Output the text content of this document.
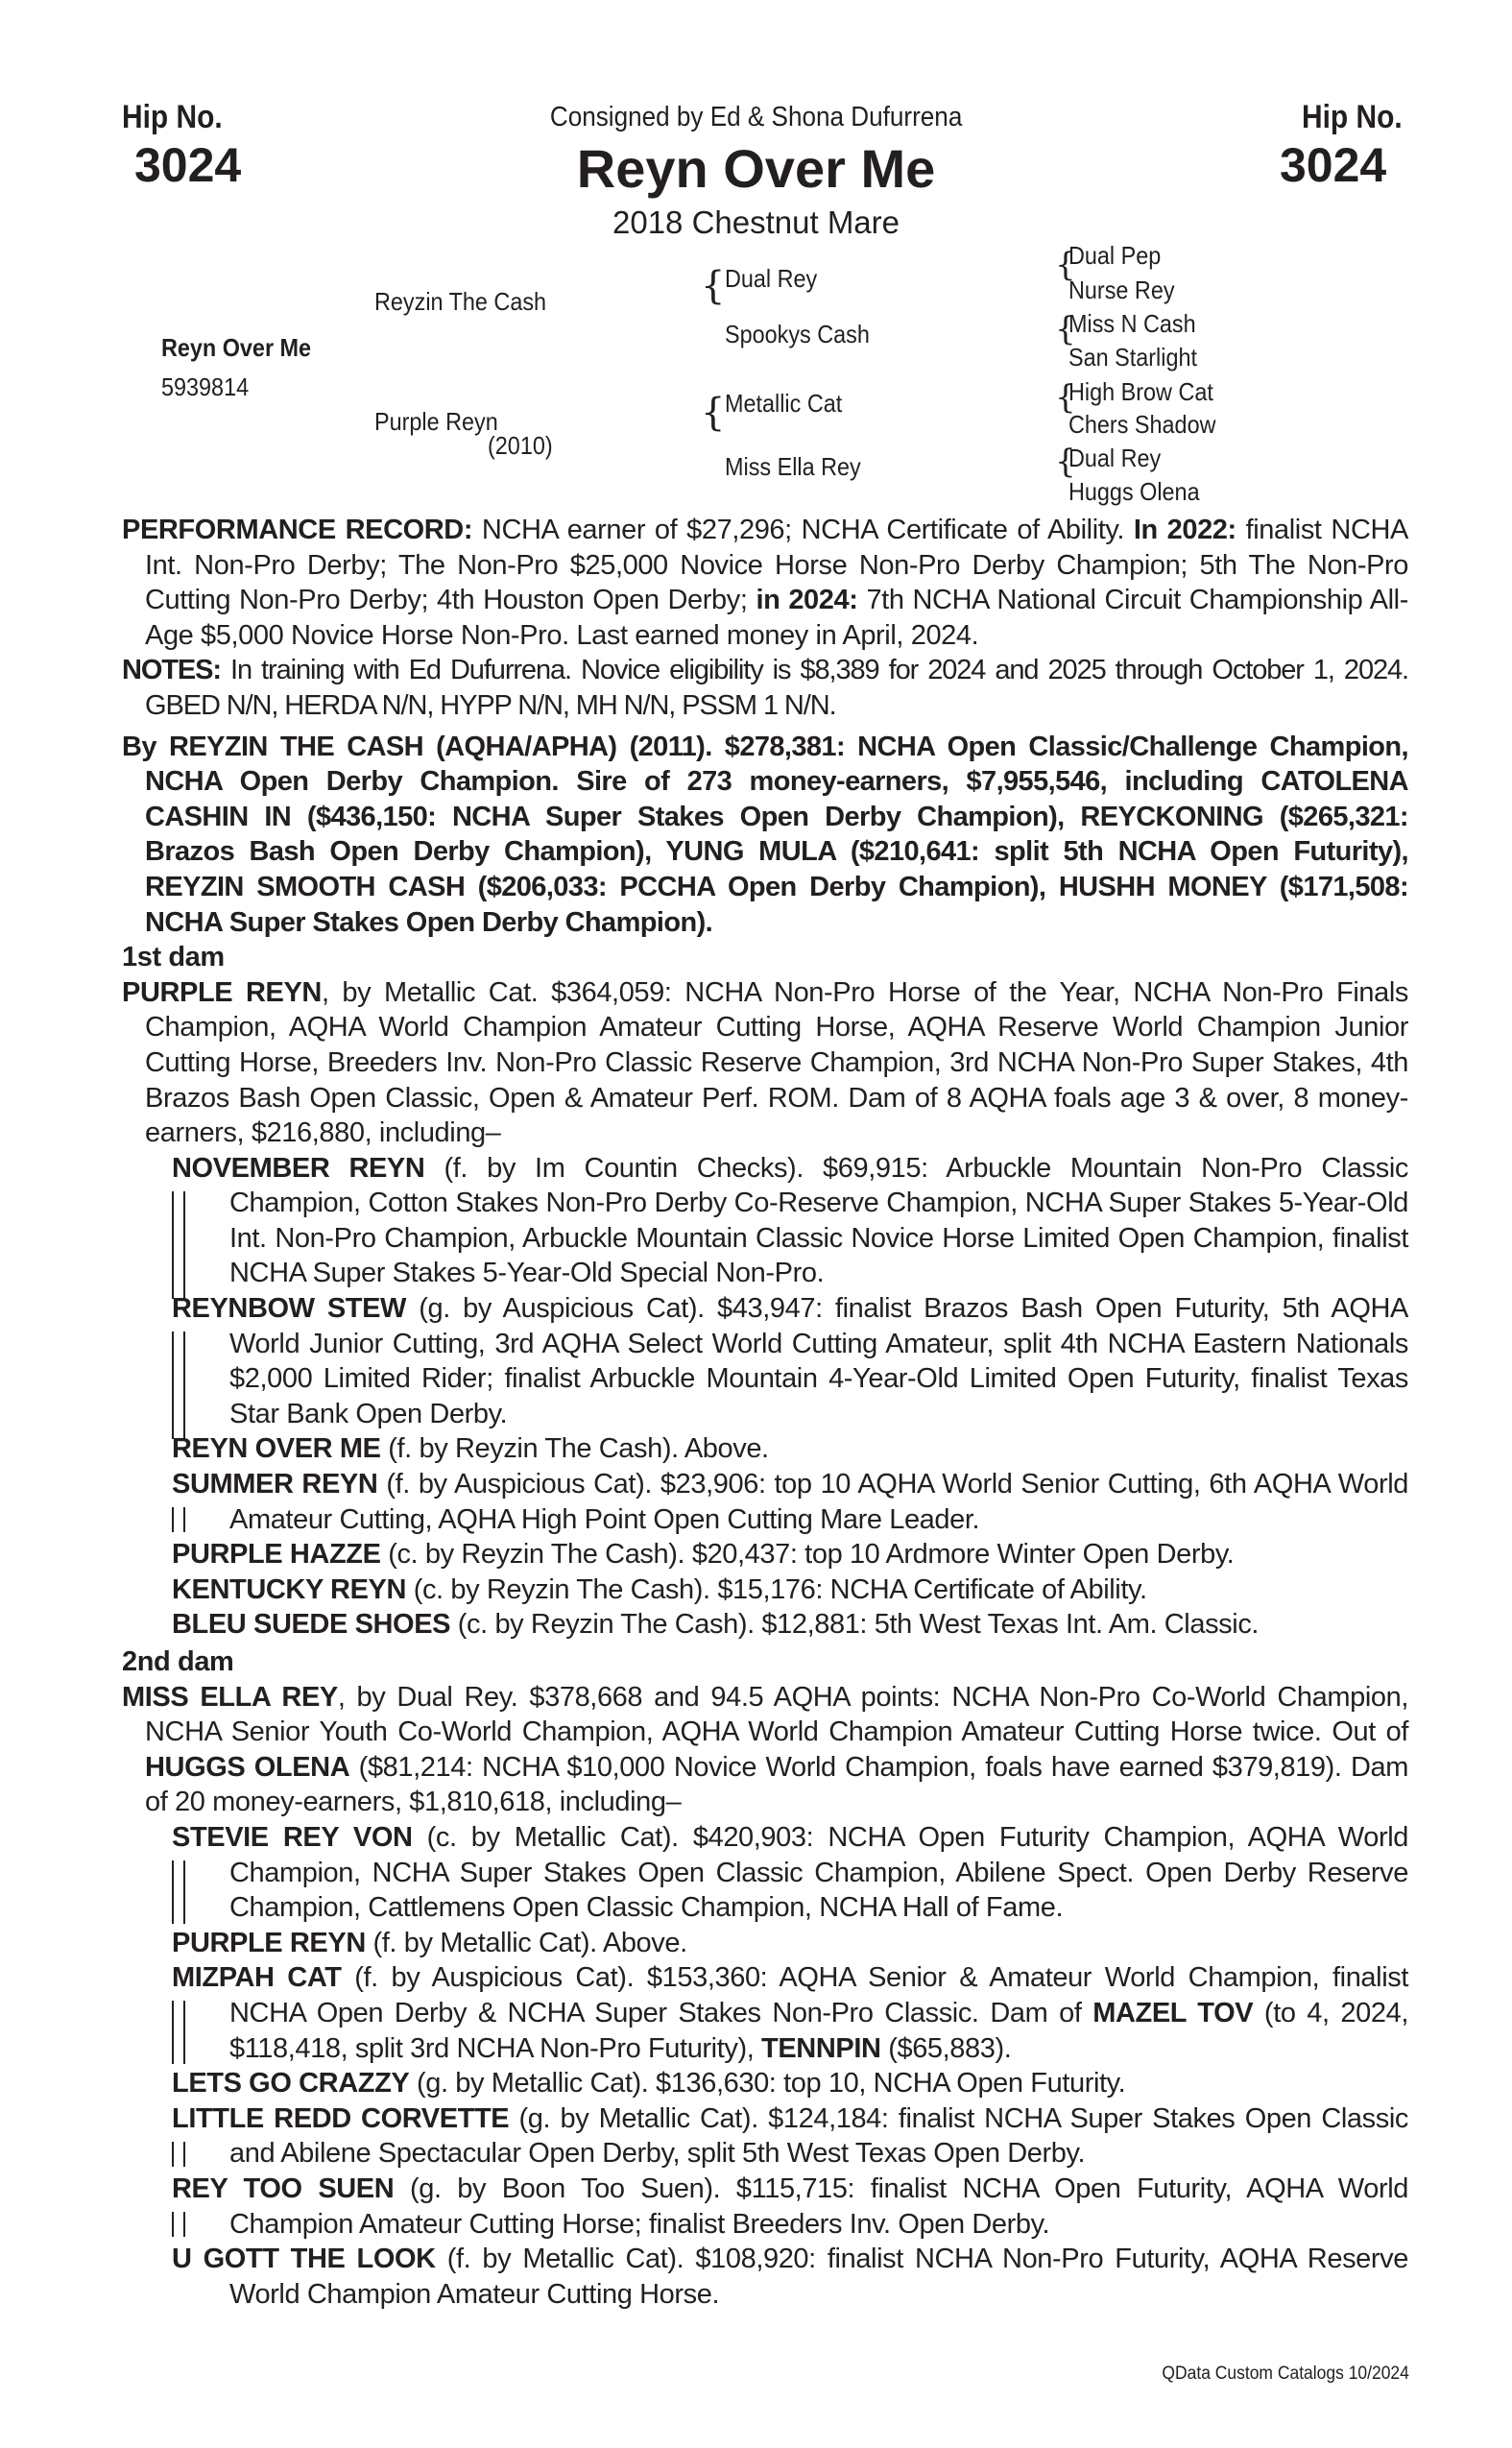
Hip No.
3024
Hip No.
3024
Consigned by Ed & Shona Dufurrena
Reyn Over Me
2018 Chestnut Mare
Reyn Over Me
5939814
Reyzin The Cash
Purple Reyn
(2010)
{
{
Dual Rey
Spookys Cash
Metallic Cat
Miss Ella Rey
{
{
{
{
Dual Pep
Nurse Rey
Miss N Cash
San Starlight
High Brow Cat
Chers Shadow
Dual Rey
Huggs Olena

PERFORMANCE RECORD: NCHA earner of $27,296; NCHA Certificate of Ability. In 2022: finalist NCHA Int. Non-Pro Derby; The Non-Pro $25,000 Novice Horse Non-Pro Derby Champion; 5th The Non-Pro Cutting Non-Pro Derby; 4th Houston Open Derby; in 2024: 7th NCHA National Circuit Championship All-Age $5,000 Novice Horse Non-Pro. Last earned money in April, 2024.

NOTES: In training with Ed Dufurrena. Novice eligibility is $8,389 for 2024 and 2025 through October 1, 2024. GBED N/N, HERDA N/N, HYPP N/N, MH N/N, PSSM 1 N/N.

By REYZIN THE CASH (AQHA/APHA) (2011). $278,381: NCHA Open Classic/Challenge Champion, NCHA Open Derby Champion. Sire of 273 money-earners, $7,955,546, including CATOLENA CASHIN IN ($436,150: NCHA Super Stakes Open Derby Champion), REYCKONING ($265,321: Brazos Bash Open Derby Champion), YUNG MULA ($210,641: split 5th NCHA Open Futurity), REYZIN SMOOTH CASH ($206,033: PCCHA Open Derby Champion), HUSHH MONEY ($171,508: NCHA Super Stakes Open Derby Champion).

1st dam

PURPLE REYN, by Metallic Cat. $364,059: NCHA Non-Pro Horse of the Year, NCHA Non-Pro Finals Champion, AQHA World Champion Amateur Cutting Horse, AQHA Reserve World Champion Junior Cutting Horse, Breeders Inv. Non-Pro Classic Reserve Champion, 3rd NCHA Non-Pro Super Stakes, 4th Brazos Bash Open Classic, Open & Amateur Perf. ROM. Dam of 8 AQHA foals age 3 & over, 8 money-earners, $216,880, including–

NOVEMBER REYN (f. by Im Countin Checks). $69,915: Arbuckle Mountain Non-Pro Classic Champion, Cotton Stakes Non-Pro Derby Co-Reserve Champion, NCHA Super Stakes 5-Year-Old Int. Non-Pro Champion, Arbuckle Mountain Classic Novice Horse Limited Open Champion, finalist NCHA Super Stakes 5-Year-Old Special Non-Pro.

REYNBOW STEW (g. by Auspicious Cat). $43,947: finalist Brazos Bash Open Futurity, 5th AQHA World Junior Cutting, 3rd AQHA Select World Cutting Amateur, split 4th NCHA Eastern Nationals $2,000 Limited Rider; finalist Arbuckle Mountain 4-Year-Old Limited Open Futurity, finalist Texas Star Bank Open Derby.

REYN OVER ME (f. by Reyzin The Cash). Above.

SUMMER REYN (f. by Auspicious Cat). $23,906: top 10 AQHA World Senior Cutting, 6th AQHA World Amateur Cutting, AQHA High Point Open Cutting Mare Leader.

PURPLE HAZZE (c. by Reyzin The Cash). $20,437: top 10 Ardmore Winter Open Derby.

KENTUCKY REYN (c. by Reyzin The Cash). $15,176: NCHA Certificate of Ability.

BLEU SUEDE SHOES (c. by Reyzin The Cash). $12,881: 5th West Texas Int. Am. Classic.

2nd dam

MISS ELLA REY, by Dual Rey. $378,668 and 94.5 AQHA points: NCHA Non-Pro Co-World Champion, NCHA Senior Youth Co-World Champion, AQHA World Champion Amateur Cutting Horse twice. Out of HUGGS OLENA ($81,214: NCHA $10,000 Novice World Champion, foals have earned $379,819). Dam of 20 money-earners, $1,810,618, including–

STEVIE REY VON (c. by Metallic Cat). $420,903: NCHA Open Futurity Champion, AQHA World Champion, NCHA Super Stakes Open Classic Champion, Abilene Spect. Open Derby Reserve Champion, Cattlemens Open Classic Champion, NCHA Hall of Fame.

PURPLE REYN (f. by Metallic Cat). Above.

MIZPAH CAT (f. by Auspicious Cat). $153,360: AQHA Senior & Amateur World Champion, finalist NCHA Open Derby & NCHA Super Stakes Non-Pro Classic. Dam of MAZEL TOV (to 4, 2024, $118,418, split 3rd NCHA Non-Pro Futurity), TENNPIN ($65,883).

LETS GO CRAZZY (g. by Metallic Cat). $136,630: top 10, NCHA Open Futurity.

LITTLE REDD CORVETTE (g. by Metallic Cat). $124,184: finalist NCHA Super Stakes Open Classic and Abilene Spectacular Open Derby, split 5th West Texas Open Derby.

REY TOO SUEN (g. by Boon Too Suen). $115,715: finalist NCHA Open Futurity, AQHA World Champion Amateur Cutting Horse; finalist Breeders Inv. Open Derby.

U GOTT THE LOOK (f. by Metallic Cat). $108,920: finalist NCHA Non-Pro Futurity, AQHA Reserve World Champion Amateur Cutting Horse.

QData Custom Catalogs 10/2024
